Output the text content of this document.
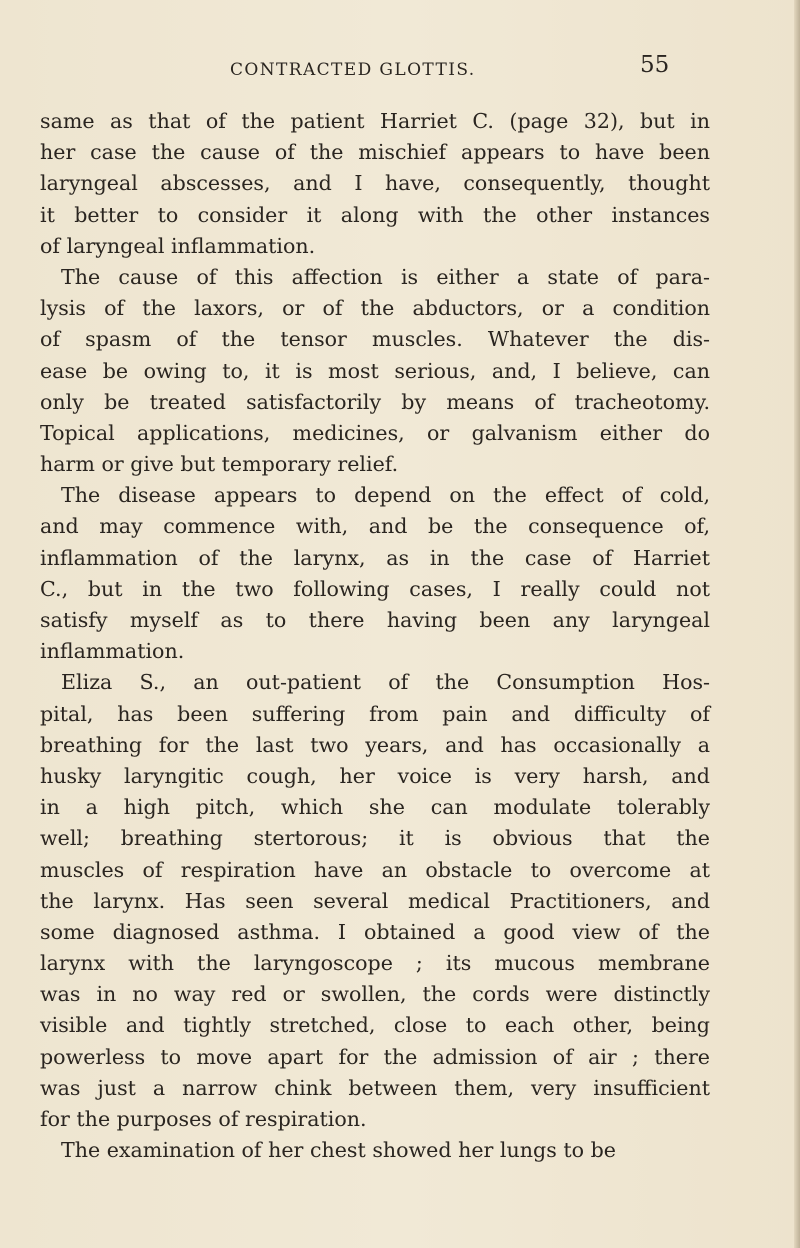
CONTRACTED GLOTTIS.	55
same as that of the patient Harriet C. (page 32), but in
her case the cause of the mischief appears to have been
laryngeal abscesses, and I have, consequently, thought
it better to consider it along with the other instances
of laryngeal inflammation.
The cause of this affection is either a state of para-
lysis of the laxors, or of the abductors, or a condition
of spasm of the tensor muscles. Whatever the dis-
ease be owing to, it is most serious, and, I believe, can
only be treated satisfactorily by means of tracheotomy.
Topical applications, medicines, or galvanism either do
harm or give but temporary relief.
The disease appears to depend on the effect of cold,
and may commence with, and be the consequence of,
inflammation of the larynx, as in the case of Harriet
C., but in the two following cases, I really could not
satisfy myself as to there having been any laryngeal
inflammation.
Eliza S., an out-patient of the Consumption Hos-
pital, has been suffering from pain and difficulty of
breathing for the last two years, and has occasionally a
husky laryngitic cough, her voice is very harsh, and
in a high pitch, which she can modulate tolerably
well; breathing stertorous; it is obvious that the
muscles of respiration have an obstacle to overcome at
the larynx. Has seen several medical Practitioners, and
some diagnosed asthma. I obtained a good view of the
larynx with the laryngoscope ; its mucous membrane
was in no way red or swollen, the cords were distinctly
visible and tightly stretched, close to each other, being
powerless to move apart for the admission of air ; there
was just a narrow chink between them, very insufficient
for the purposes of respiration.
The examination of her chest showed her lungs to be
